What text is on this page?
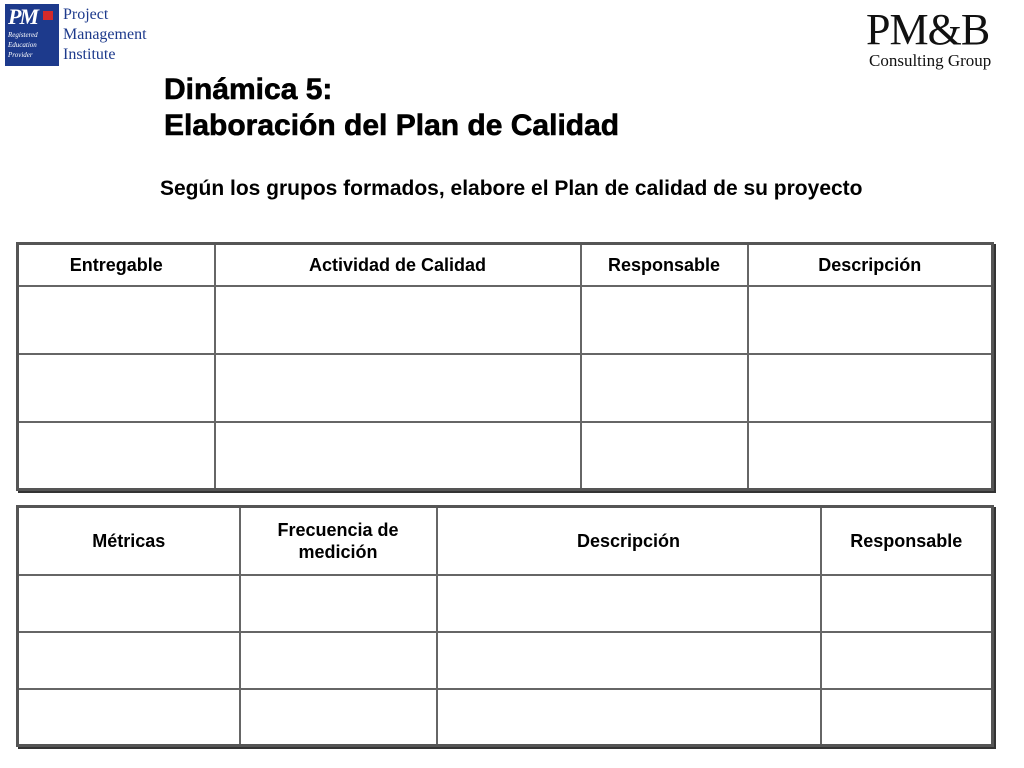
PM
Registered
Education
Provider
Project
Management
Institute
PM&B
Consulting Group
Dinámica 5:
Elaboración del Plan de Calidad
Según los grupos formados, elabore el Plan de calidad de su proyecto
Entregable	Actividad de Calidad	Responsable	Descripción

Métricas	Frecuencia de medición	Descripción	Responsable
